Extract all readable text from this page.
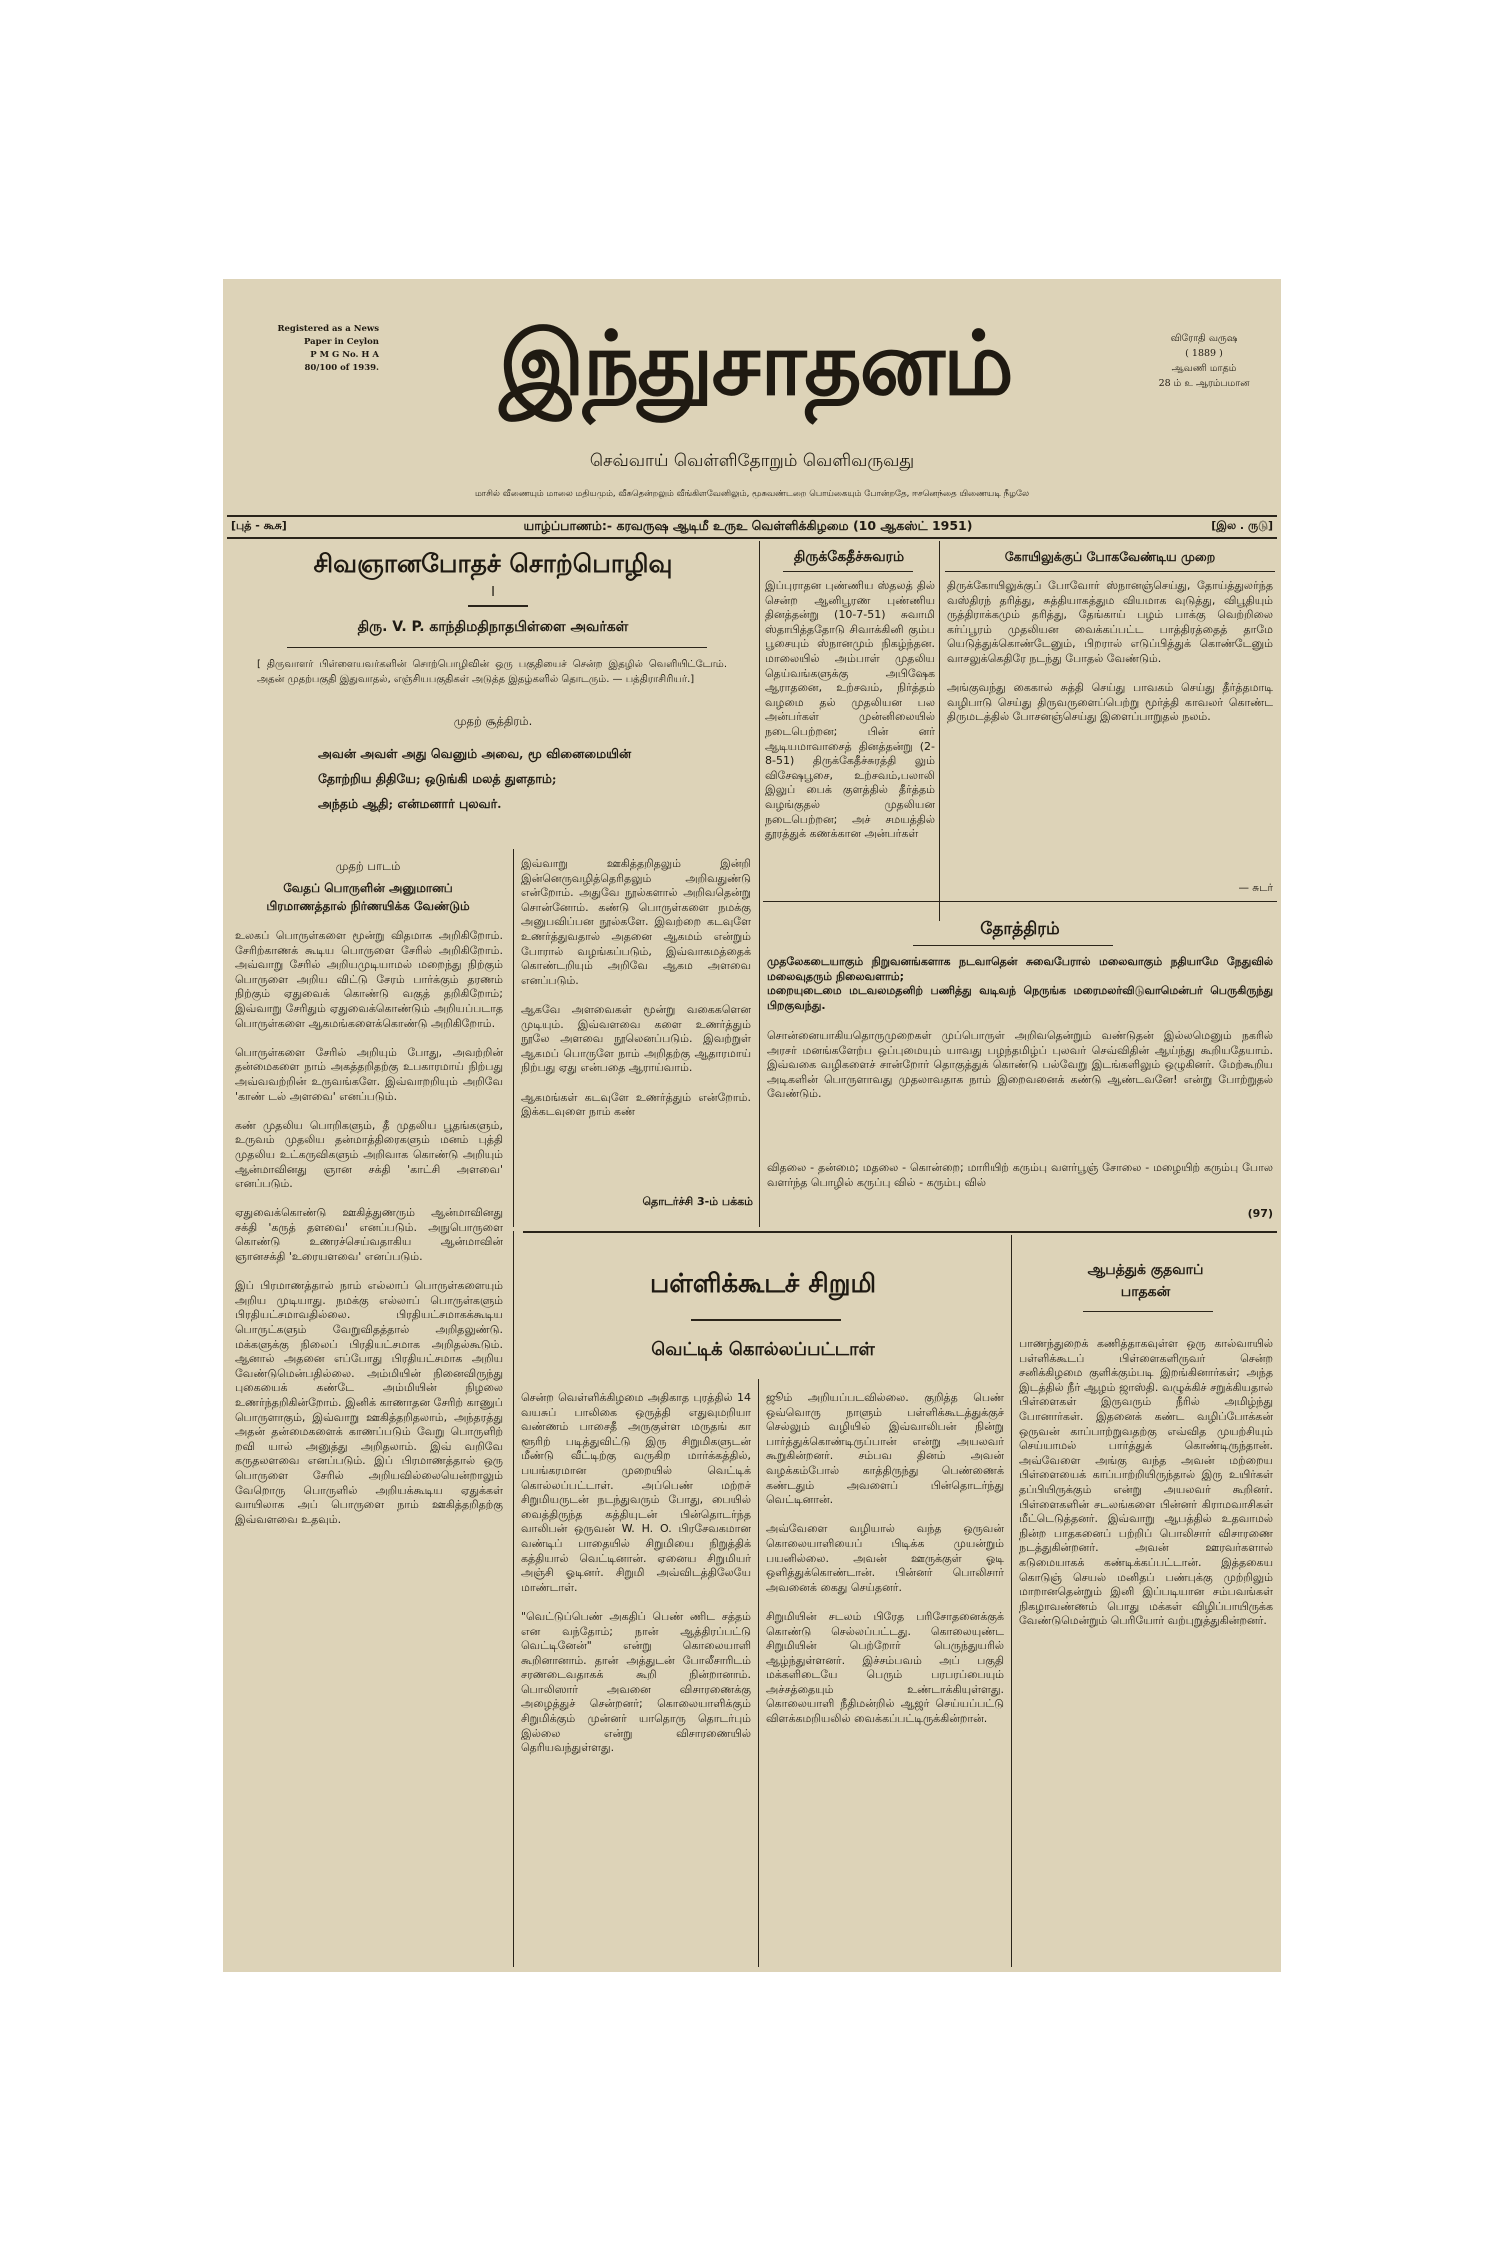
Registered as a News
Paper in Ceylon
P M G No. H A
80/100 of 1939.	இந்துசாதனம்	விரோதி வருஷ
( 1889 )
ஆவணி மாதம்
28 ம் உ ஆரம்பமான
செவ்வாய் வெள்ளிதோறும் வெளிவருவது
மாசில் வீணையும் மாலை மதியமும், வீசுதென்றலும் வீங்கிளவேனிலும், மூசுவண்டறை பொய்கையும் போன்றதே, ஈசனெந்தை யிணையடி நீழலே
[புத் - கூசு]	யாழ்ப்பாணம்:- கரவருஷ ஆடிமீ உருஉ வெள்ளிக்கிழமை (10 ஆகஸ்ட் 1951)	[இல . ருடு]
சிவஞானபோதச் சொற்பொழிவு
I
திரு. V. P. காந்திமதிநாதபிள்ளை அவர்கள்
[ திருவாளர் பிள்ளையவர்களின் சொற்பொழிவின் ஒரு பகுதியைச் சென்ற இதழில் வெளியிட்டோம். அதன் முதற்பகுதி இதுவாதல், எஞ்சியபகுதிகள் அடுத்த இதழ்களில் தொடரும். — பத்திராசிரியர்.]
முதற் சூத்திரம்.
அவன் அவள் அது வெனும் அவை, மூ வினைமையின்
தோற்றிய திதியே; ஒடுங்கி மலத் துளதாம்;
அந்தம் ஆதி; என்மனார் புலவர்.
முதற் பாடம்
வேதப் பொருளின் அனுமானப்
பிரமாணத்தால் நிர்ணயிக்க வேண்டும்
உலகப் பொருள்களை மூன்று விதமாக அறிகிறோம். சேரிற்காணக் கூடிய பொருளை சேரில் அறிகிறோம். அவ்வாறு சேரில் அறியமுடியாமல் மறைந்து நிற்கும் பொருளை அறிய விட்டு சேரம் பார்க்கும் தரணம் நிற்கும் ஏதுவைக் கொண்டு வகுத் தறிகிறோம்; இவ்வாறு சேரிதும் ஏதுவைக்கொண்டும் அறியப்படாத பொருள்களை ஆகமங்களைக்கொண்டு அறிகிறோம்.

பொருள்களை சேரில் அறியும் போது, அவற்றின் தன்மைகளை நாம் அகத்தறிதற்கு உபகாரமாய் நிற்பது அவ்வவற்றின் உருவங்களே. இவ்வாறறியும் அறிவே 'காண் டல் அளவை' எனப்படும்.

கண் முதலிய பொறிகளும், தீ முதலிய பூதங்களும், உருவம் முதலிய தன்மாத்திரைகளும் மனம் புத்தி முதலிய உட்கருவிகளும் அறிவாக கொண்டு அறியும் ஆன்மாவினது ஞான சக்தி 'காட்சி அளவை' எனப்படும்.

ஏதுவைக்கொண்டு ஊகித்துணரும் ஆன்மாவினது சக்தி 'கருத் தளவை' எனப்படும். அநுபொருளை கொண்டு உணரச்செய்வதாகிய ஆன்மாவின் ஞானசக்தி 'உரையளவை' எனப்படும்.

இப் பிரமாணத்தால் நாம் எல்லாப் பொருள்களையும் அறிய முடியாது. நமக்கு எல்லாப் பொருள்களும் பிரதியட்சமாவதில்லை. பிரதியட்சமாகக்கூடிய பொருட்களும் வேறுவிதத்தால் அறிதலுண்டு. மக்களுக்கு நிலைப் பிரதியட்சமாக அறிதல்கூடும். ஆனால் அதனை எப்போது பிரதியட்சமாக அறிய வேண்டுமென்பதில்லை. அம்மியின் நினைவிருந்து புகையைக் கண்டே அம்மியின் நிழலை உணர்ந்தறிகின்றோம். இனிக் காணாதன சேரிற் காணுப் பொருளாகும், இவ்வாறு ஊகித்தறிதலாம், அந்தரத்து அதன் தன்மைகளைக் காணப்படும் வேறு பொருளிற் றவி யால் அனுத்து அறிதலாம். இவ் வறிவே கருதலளவை எனப்படும். இப் பிரமாணத்தால் ஒரு பொருளை சேரில் அறியவில்லையென்றாலும் வேறொரு பொருளில் அறியக்கூடிய ஏதுக்கள் வாயிலாக அப் பொருளை நாம் ஊகித்தறிதற்கு இவ்வளவை உதவும்.
இவ்வாறு ஊகித்தறிதலும் இன்றி இன்னெருவழித்தெரிதலும் அறிவதுண்டு என்றோம். அதுவே நூல்களால் அறிவதென்று சொன்னோம். கண்டு பொருள்களை நமக்கு அனுபவிப்பன நூல்களே. இவற்றை கடவுளே உணர்த்துவதால் அதனை ஆகமம் என்றும் போரால் வழங்கப்படும், இவ்வாகமத்தைக் கொண்டறியும் அறிவே ஆகம அளவை எனப்படும்.

ஆகவே அளவைகள் மூன்று வகைகளென முடியும். இவ்வளவை களை உணர்த்தும் நூலே அளவை நூலெனப்படும். இவற்றுள் ஆகமப் பொருளே நாம் அறிதற்கு ஆதாரமாய் நிற்பது ஏது என்பதை ஆராய்வாம்.

ஆகமங்கள் கடவுளே உணர்த்தும் என்றோம். இக்கடவுளை நாம் கண்
தொடர்ச்சி 3-ம் பக்கம்
திருக்கேதீச்சுவரம்
இப்புராதன புண்ணிய ஸ்தலத் தில் சென்ற ஆனிபூரண புண்ணிய தினத்தன்று (10-7-51) சுவாமி ஸ்தாபித்ததோடு சிவாக்கினி கும்ப பூசையும் ஸ்நானமும் நிகழ்ந்தன. மாலையில் அம்பாள் முதலிய தெய்வங்களுக்கு அபிஷேக ஆராதனை, உற்சவம், நிர்த்தம் வழமை தல் முதலியன பல அன்பர்கள் முன்னிலையில் நடைபெற்றன; பின் னர் ஆடியமாவாசைத் தினத்தன்று (2-8-51) திருக்கேதீச்சுரத்தி லும் விசேஷபூசை, உற்சவம்,பலாலி இலுப் பைக் குளத்தில் தீர்த்தம் வழங்குதல் முதலியன நடைபெற்றன; அச் சமயத்தில் தூரத்துக் கணக்கான அன்பர்கள்
கோயிலுக்குப் போகவேண்டிய முறை
திருக்கோயிலுக்குப் போவோர் ஸ்நானஞ்செய்து, தோய்த்துலர்ந்த வஸ்திரந் தரித்து, சுத்தியாகத்தும வியமாக வுடுத்து, விபூதியும் ருத்திராக்கமும் தரித்து, தேங்காய் பழம் பாக்கு வெற்றிலை கர்ப்பூரம் முதலியன வைக்கப்பட்ட பாத்திரத்தைத் தாமே யெடுத்துக்கொண்டேனும், பிறரால் எடுப்பித்துக் கொண்டேனும் வாசலுக்கெதிரே நடந்து போதல் வேண்டும்.

அங்குவந்து கைகால் சுத்தி செய்து பாவகம் செய்து தீர்த்தமாடி வழிபாடு செய்து திருவருளைப்பெற்று மூர்த்தி காவலர் கொண்ட திருமடத்தில் போசனஞ்செய்து இளைப்பாறுதல் நலம்.
— சுடர்
தோத்திரம்
முதலேகடையாகும் நிறுவனங்களாக நடவாதென் சுவைபேரால் மலைவாகும் நதியாமே நேதுவில் மலைவுதரும் நிலைவளாம்;
மறையுடைமை மடவலமதனிற் பணித்து வடிவந் நெருங்க மரைமலர்விடுவாமென்பர் பெருகிருந்து பிறகுவந்து.
சொன்னையாகியதொருமுறைகள் முப்பொருள் அறிவதென்றும் வண்டுதன் இல்லமெனும் நகரில் அரசர் மனங்களேற்ப ஒப்புமையும் யாவது பழந்தமிழ்ப் புலவர் செவ்விதின் ஆய்ந்து கூறியதேயாம். இவ்வகை வழிகளைச் சான்றோர் தொகுத்துக் கொண்டு பல்வேறு இடங்களிலும் ஒழுகினர். மேற்கூறிய அடிகளின் பொருளாவது முதலாவதாக நாம் இறைவனைக் கண்டு ஆண்டவனே! என்று போற்றுதல் வேண்டும்.
விதலை - தன்மை; மதலை - கொன்றை; மாரியிற் கரும்பு வளர்பூஞ் சோலை - மழையிற் கரும்பு போல வளர்ந்த பொழில் கருப்பு வில் - கரும்பு வில்
(97)
பள்ளிக்கூடச் சிறுமி
வெட்டிக் கொல்லப்பட்டாள்
சென்ற வெள்ளிக்கிழமை அதிகாத புரத்தில் 14 வயசுப் பாலிகை ஒருத்தி எதுவுமறியா வண்ணம் பாசைதீ அருகுள்ள மருதங் கா ளூரிற் படித்துவிட்டு இரு சிறுமிகளுடன் மீண்டு வீட்டிற்கு வருகிற மார்க்கத்தில், பயங்கரமான முறையில் வெட்டிக் கொல்லப்பட்டாள். அப்பெண் மற்றச் சிறுமியருடன் நடந்துவரும் போது, பையில் வைத்திருந்த கத்தியுடன் பின்தொடர்ந்த வாலிபன் ஒருவன் W. H. O. பிரசேவகமான வண்டிப் பாதையில் சிறுமியை நிறுத்திக் கத்தியால் வெட்டினான். ஏனைய சிறுமியர் அஞ்சி ஓடினர். சிறுமி அவ்விடத்திலேயே மாண்டாள்.

"வெட்டுப்பெண் அகதிப் பெண் ணிட சத்தம் என வந்தோம்; நான் ஆத்திரப்பட்டு வெட்டினேன்" என்று கொலையாளி கூறினானாம். தான் அத்துடன் போலீசாரிடம் சரணடைவதாகக் கூறி நின்றானாம். பொலிஸார் அவனை விசாரணைக்கு அழைத்துச் சென்றனர்; கொலையாளிக்கும் சிறுமிக்கும் முன்னர் யாதொரு தொடர்பும் இல்லை என்று விசாரணையில் தெரியவந்துள்ளது.
ஜூம் அறியப்படவில்லை. குறித்த பெண் ஒவ்வொரு நாளும் பள்ளிக்கூடத்துக்குச் செல்லும் வழியில் இவ்வாலிபன் நின்று பார்த்துக்கொண்டிருப்பான் என்று அயலவர் கூறுகின்றனர். சம்பவ தினம் அவன் வழக்கம்போல் காத்திருந்து பெண்ணைக் கண்டதும் அவளைப் பின்தொடர்ந்து வெட்டினான்.

அவ்வேளை வழியால் வந்த ஒருவன் கொலையாளியைப் பிடிக்க முயன்றும் பயனில்லை. அவன் ஊருக்குள் ஓடி ஒளித்துக்கொண்டான். பின்னர் பொலிசார் அவனைக் கைது செய்தனர்.

சிறுமியின் சடலம் பிரேத பரிசோதனைக்குக் கொண்டு செல்லப்பட்டது. கொலையுண்ட சிறுமியின் பெற்றோர் பெருந்துயரில் ஆழ்ந்துள்ளனர். இச்சம்பவம் அப் பகுதி மக்களிடையே பெரும் பரபரப்பையும் அச்சத்தையும் உண்டாக்கியுள்ளது. கொலையாளி நீதிமன்றில் ஆஜர் செய்யப்பட்டு விளக்கமறியலில் வைக்கப்பட்டிருக்கின்றான்.
ஆபத்துக் குதவாப்
பாதகன்
பாணந்துறைக் கணித்தாகவுள்ள ஒரு கால்வாயில் பள்ளிக்கூடப் பிள்ளைகளிருவர் சென்ற சனிக்கிழமை குளிக்கும்படி இறங்கினார்கள்; அந்த இடத்தில் நீர் ஆழம் ஜாஸ்தி. வழுக்கிச் சறுக்கியதால் பிள்ளைகள் இருவரும் நீரில் அமிழ்ந்து போனார்கள். இதனைக் கண்ட வழிப்போக்கன் ஒருவன் காப்பாற்றுவதற்கு எவ்வித முயற்சியும் செய்யாமல் பார்த்துக் கொண்டிருந்தான். அவ்வேளை அங்கு வந்த அவன் மற்றைய பிள்ளையைக் காப்பாற்றியிருந்தால் இரு உயிர்கள் தப்பியிருக்கும் என்று அயலவர் கூறினர். பிள்ளைகளின் சடலங்களை பின்னர் கிராமவாசிகள் மீட்டெடுத்தனர். இவ்வாறு ஆபத்தில் உதவாமல் நின்ற பாதகனைப் பற்றிப் பொலிசார் விசாரணை நடத்துகின்றனர். அவன் ஊரவர்களால் கடுமையாகக் கண்டிக்கப்பட்டான். இத்தகைய கொடுஞ் செயல் மனிதப் பண்புக்கு முற்றிலும் மாறானதென்றும் இனி இப்படியான சம்பவங்கள் நிகழாவண்ணம் பொது மக்கள் விழிப்பாயிருக்க வேண்டுமென்றும் பெரியோர் வற்புறுத்துகின்றனர்.
